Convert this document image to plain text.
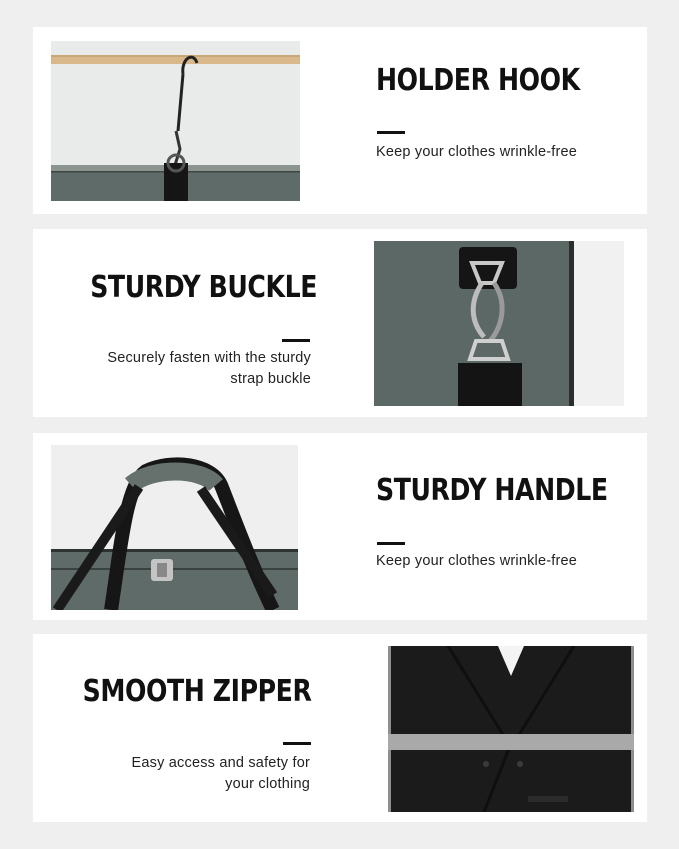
HOLDER HOOK
Keep your clothes wrinkle-free
STURDY BUCKLE
Securely fasten with the sturdy
strap buckle
STURDY HANDLE
Keep your clothes wrinkle-free
SMOOTH ZIPPER
Easy access and safety for
your clothing
